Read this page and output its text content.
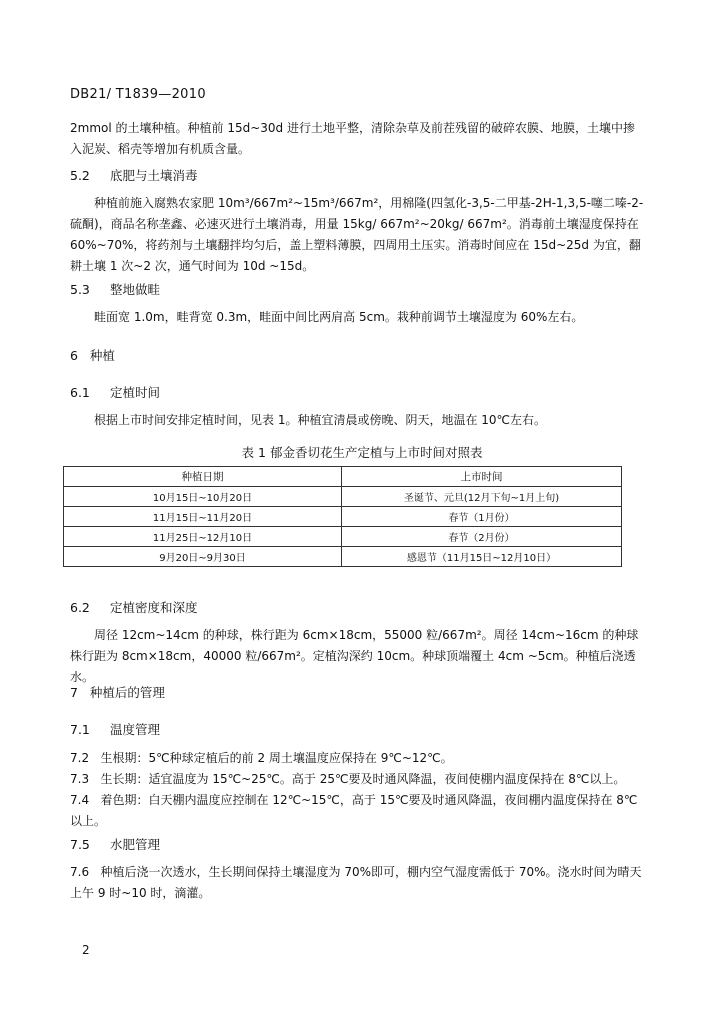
DB21/ T1839—2010
2mmol 的土壤种植。种植前 15d~30d 进行土地平整，清除杂草及前茬残留的破碎农膜、地膜，土壤中掺入泥炭、稻壳等增加有机质含量。
5.2 底肥与土壤消毒
种植前施入腐熟农家肥 10m³/667m²~15m³/667m²，用棉隆(四氢化-3,5-二甲基-2H-1,3,5-噻二嗪-2-硫酮)，商品名称垄鑫、必速灭进行土壤消毒，用量 15kg/ 667m²~20kg/ 667m²。消毒前土壤湿度保持在 60%~70%，将药剂与土壤翻拌均匀后，盖上塑料薄膜，四周用土压实。消毒时间应在 15d~25d 为宜，翻耕土壤 1 次~2 次，通气时间为 10d ~15d。
5.3 整地做畦
畦面宽 1.0m，畦背宽 0.3m，畦面中间比两肩高 5cm。栽种前调节土壤湿度为 60%左右。
6 种植
6.1 定植时间
根据上市时间安排定植时间，见表 1。种植宜清晨或傍晚、阴天，地温在 10℃左右。
表 1 郁金香切花生产定植与上市时间对照表
种植日期	上市时间
10月15日~10月20日	圣诞节、元旦(12月下旬~1月上旬)
11月15日~11月20日	春节（1月份）
11月25日~12月10日	春节（2月份）
9月20日~9月30日	感恩节（11月15日~12月10日）
6.2 定植密度和深度
周径 12cm~14cm 的种球，株行距为 6cm×18cm，55000 粒/667m²。周径 14cm~16cm 的种球株行距为 8cm×18cm，40000 粒/667m²。定植沟深约 10cm。种球顶端覆土 4cm ~5cm。种植后浇透水。
7 种植后的管理
7.1 温度管理
7.2 生根期：5℃种球定植后的前 2 周土壤温度应保持在 9℃~12℃。
7.3 生长期：适宜温度为 15℃~25℃。高于 25℃要及时通风降温，夜间使棚内温度保持在 8℃以上。
7.4 着色期：白天棚内温度应控制在 12℃~15℃，高于 15℃要及时通风降温，夜间棚内温度保持在 8℃以上。
7.5 水肥管理
7.6 种植后浇一次透水，生长期间保持土壤湿度为 70%即可，棚内空气湿度需低于 70%。浇水时间为晴天上午 9 时~10 时，滴灌。
2
